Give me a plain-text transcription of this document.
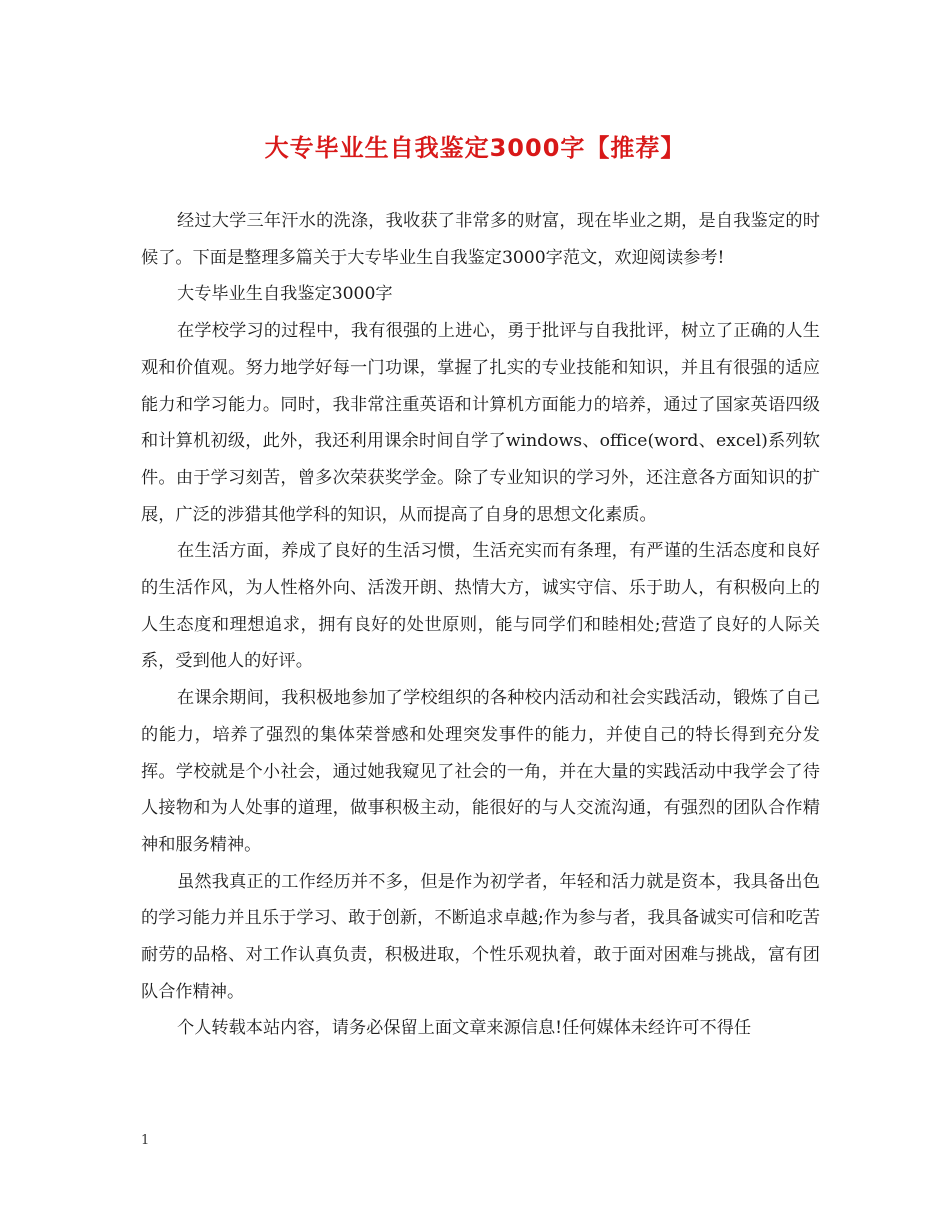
大专毕业生自我鉴定3000字【推荐】

经过大学三年汗水的洗涤，我收获了非常多的财富，现在毕业之期，是自我鉴定的时候了。下面是整理多篇关于大专毕业生自我鉴定3000字范文，欢迎阅读参考!

大专毕业生自我鉴定3000字

在学校学习的过程中，我有很强的上进心，勇于批评与自我批评，树立了正确的人生观和价值观。努力地学好每一门功课，掌握了扎实的专业技能和知识，并且有很强的适应能力和学习能力。同时，我非常注重英语和计算机方面能力的培养，通过了国家英语四级和计算机初级，此外，我还利用课余时间自学了windows、office(word、excel)系列软件。由于学习刻苦，曾多次荣获奖学金。除了专业知识的学习外，还注意各方面知识的扩展，广泛的涉猎其他学科的知识，从而提高了自身的思想文化素质。

在生活方面，养成了良好的生活习惯，生活充实而有条理，有严谨的生活态度和良好的生活作风，为人性格外向、活泼开朗、热情大方，诚实守信、乐于助人，有积极向上的人生态度和理想追求，拥有良好的处世原则，能与同学们和睦相处;营造了良好的人际关系，受到他人的好评。

在课余期间，我积极地参加了学校组织的各种校内活动和社会实践活动，锻炼了自己的能力，培养了强烈的集体荣誉感和处理突发事件的能力，并使自己的特长得到充分发挥。学校就是个小社会，通过她我窥见了社会的一角，并在大量的实践活动中我学会了待人接物和为人处事的道理，做事积极主动，能很好的与人交流沟通，有强烈的团队合作精神和服务精神。

虽然我真正的工作经历并不多，但是作为初学者，年轻和活力就是资本，我具备出色的学习能力并且乐于学习、敢于创新，不断追求卓越;作为参与者，我具备诚实可信和吃苦耐劳的品格、对工作认真负责，积极进取，个性乐观执着，敢于面对困难与挑战，富有团队合作精神。

个人转载本站内容，请务必保留上面文章来源信息!任何媒体未经许可不得任

1
